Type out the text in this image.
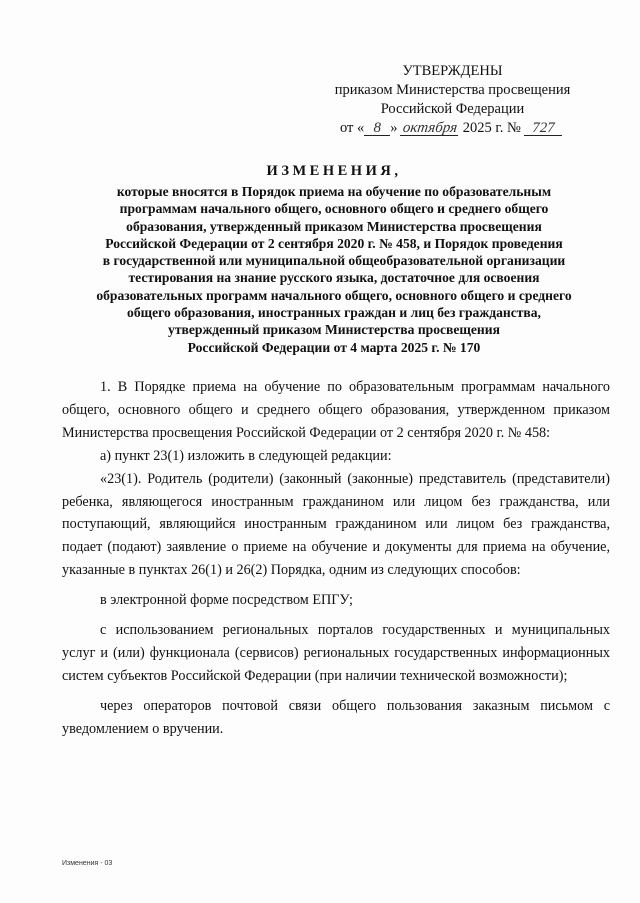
УТВЕРЖДЕНЫ
приказом Министерства просвещения
Российской Федерации
от « 8 » октября 2025 г. № 727
ИЗМЕНЕНИЯ,
которые вносятся в Порядок приема на обучение по образовательным
программам начального общего, основного общего и среднего общего
образования, утвержденный приказом Министерства просвещения
Российской Федерации от 2 сентября 2020 г. № 458, и Порядок проведения
в государственной или муниципальной общеобразовательной организации
тестирования на знание русского языка, достаточное для освоения
образовательных программ начального общего, основного общего и среднего
общего образования, иностранных граждан и лиц без гражданства,
утвержденный приказом Министерства просвещения
Российской Федерации от 4 марта 2025 г. № 170

1. В Порядке приема на обучение по образовательным программам начального общего, основного общего и среднего общего образования, утвержденном приказом Министерства просвещения Российской Федерации от 2 сентября 2020 г. № 458:

а) пункт 23(1) изложить в следующей редакции:

«23(1). Родитель (родители) (законный (законные) представитель (представители) ребенка, являющегося иностранным гражданином или лицом без гражданства, или поступающий, являющийся иностранным гражданином или лицом без гражданства, подает (подают) заявление о приеме на обучение и документы для приема на обучение, указанные в пунктах 26(1) и 26(2) Порядка, одним из следующих способов:

в электронной форме посредством ЕПГУ;

с использованием региональных порталов государственных и муниципальных услуг и (или) функционала (сервисов) региональных государственных информационных систем субъектов Российской Федерации (при наличии технической возможности);

через операторов почтовой связи общего пользования заказным письмом с уведомлением о вручении.

Изменения - 03
